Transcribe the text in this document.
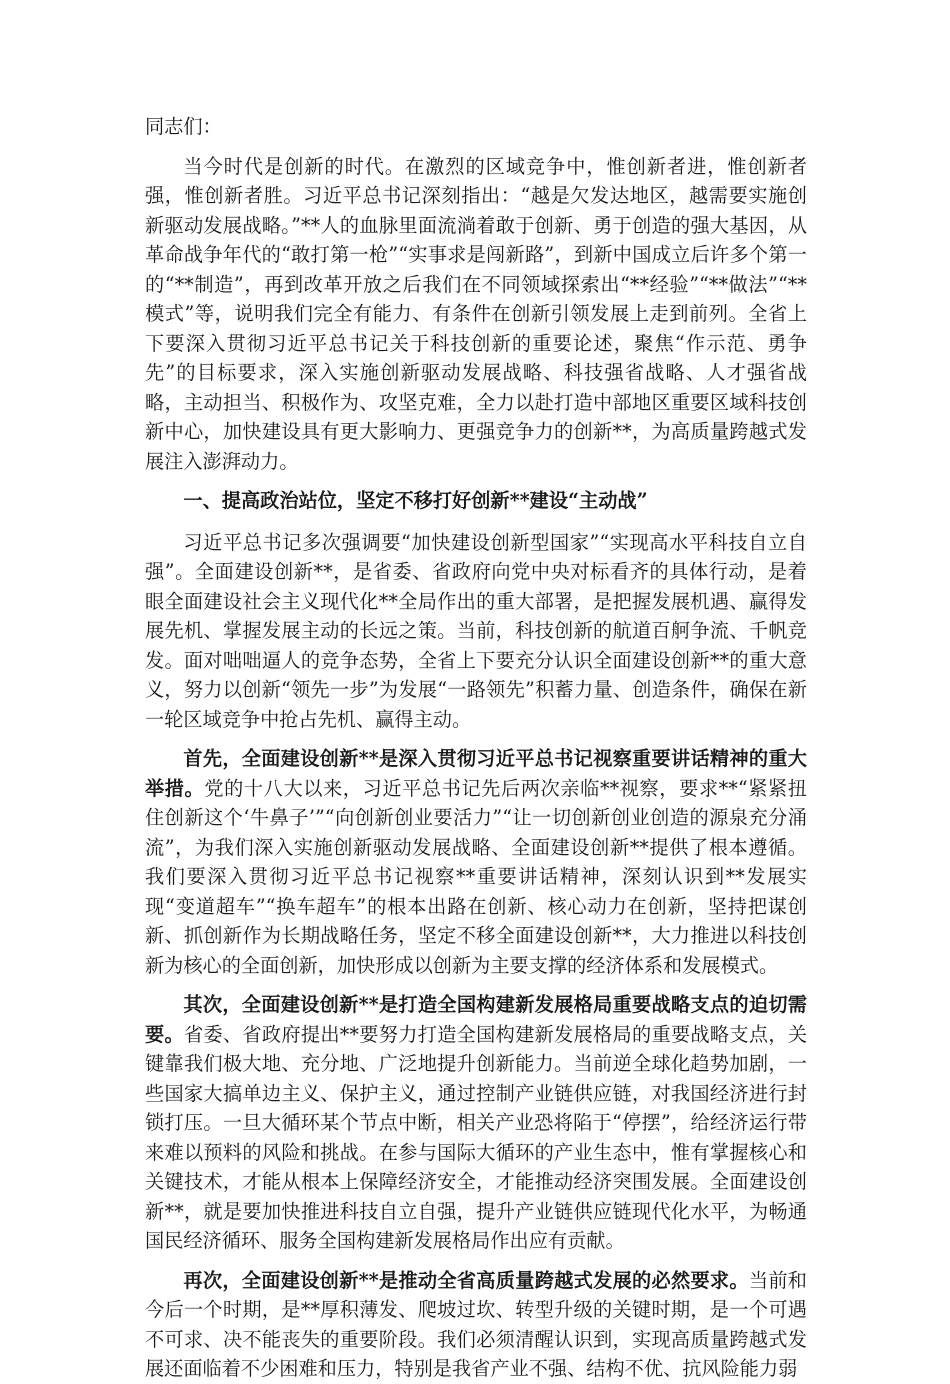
同志们：

当今时代是创新的时代。在激烈的区域竞争中，惟创新者进，惟创新者强，惟创新者胜。习近平总书记深刻指出：“越是欠发达地区，越需要实施创新驱动发展战略。”**人的血脉里面流淌着敢于创新、勇于创造的强大基因，从革命战争年代的“敢打第一枪”“实事求是闯新路”，到新中国成立后许多个第一的“**制造”，再到改革开放之后我们在不同领域探索出“**经验”“**做法”“**模式”等，说明我们完全有能力、有条件在创新引领发展上走到前列。全省上下要深入贯彻习近平总书记关于科技创新的重要论述，聚焦“作示范、勇争先”的目标要求，深入实施创新驱动发展战略、科技强省战略、人才强省战略，主动担当、积极作为、攻坚克难，全力以赴打造中部地区重要区域科技创新中心，加快建设具有更大影响力、更强竞争力的创新**，为高质量跨越式发展注入澎湃动力。

一、提高政治站位，坚定不移打好创新**建设“主动战”

习近平总书记多次强调要“加快建设创新型国家”“实现高水平科技自立自强”。全面建设创新**，是省委、省政府向党中央对标看齐的具体行动，是着眼全面建设社会主义现代化**全局作出的重大部署，是把握发展机遇、赢得发展先机、掌握发展主动的长远之策。当前，科技创新的航道百舸争流、千帆竞发。面对咄咄逼人的竞争态势，全省上下要充分认识全面建设创新**的重大意义，努力以创新“领先一步”为发展“一路领先”积蓄力量、创造条件，确保在新一轮区域竞争中抢占先机、赢得主动。

首先，全面建设创新**是深入贯彻习近平总书记视察重要讲话精神的重大举措。党的十八大以来，习近平总书记先后两次亲临**视察，要求**“紧紧扭住创新这个‘牛鼻子’”“向创新创业要活力”“让一切创新创业创造的源泉充分涌流”，为我们深入实施创新驱动发展战略、全面建设创新**提供了根本遵循。我们要深入贯彻习近平总书记视察**重要讲话精神，深刻认识到**发展实现“变道超车”“换车超车”的根本出路在创新、核心动力在创新，坚持把谋创新、抓创新作为长期战略任务，坚定不移全面建设创新**，大力推进以科技创新为核心的全面创新，加快形成以创新为主要支撑的经济体系和发展模式。

其次，全面建设创新**是打造全国构建新发展格局重要战略支点的迫切需要。省委、省政府提出**要努力打造全国构建新发展格局的重要战略支点，关键靠我们极大地、充分地、广泛地提升创新能力。当前逆全球化趋势加剧，一些国家大搞单边主义、保护主义，通过控制产业链供应链，对我国经济进行封锁打压。一旦大循环某个节点中断，相关产业恐将陷于“停摆”，给经济运行带来难以预料的风险和挑战。在参与国际大循环的产业生态中，惟有掌握核心和关键技术，才能从根本上保障经济安全，才能推动经济突围发展。全面建设创新**，就是要加快推进科技自立自强，提升产业链供应链现代化水平，为畅通国民经济循环、服务全国构建新发展格局作出应有贡献。

再次，全面建设创新**是推动全省高质量跨越式发展的必然要求。当前和今后一个时期，是**厚积薄发、爬坡过坎、转型升级的关键时期，是一个可遇不可求、决不能丧失的重要阶段。我们必须清醒认识到，实现高质量跨越式发展还面临着不少困难和压力，特别是我省产业不强、结构不优、抗风险能力弱
